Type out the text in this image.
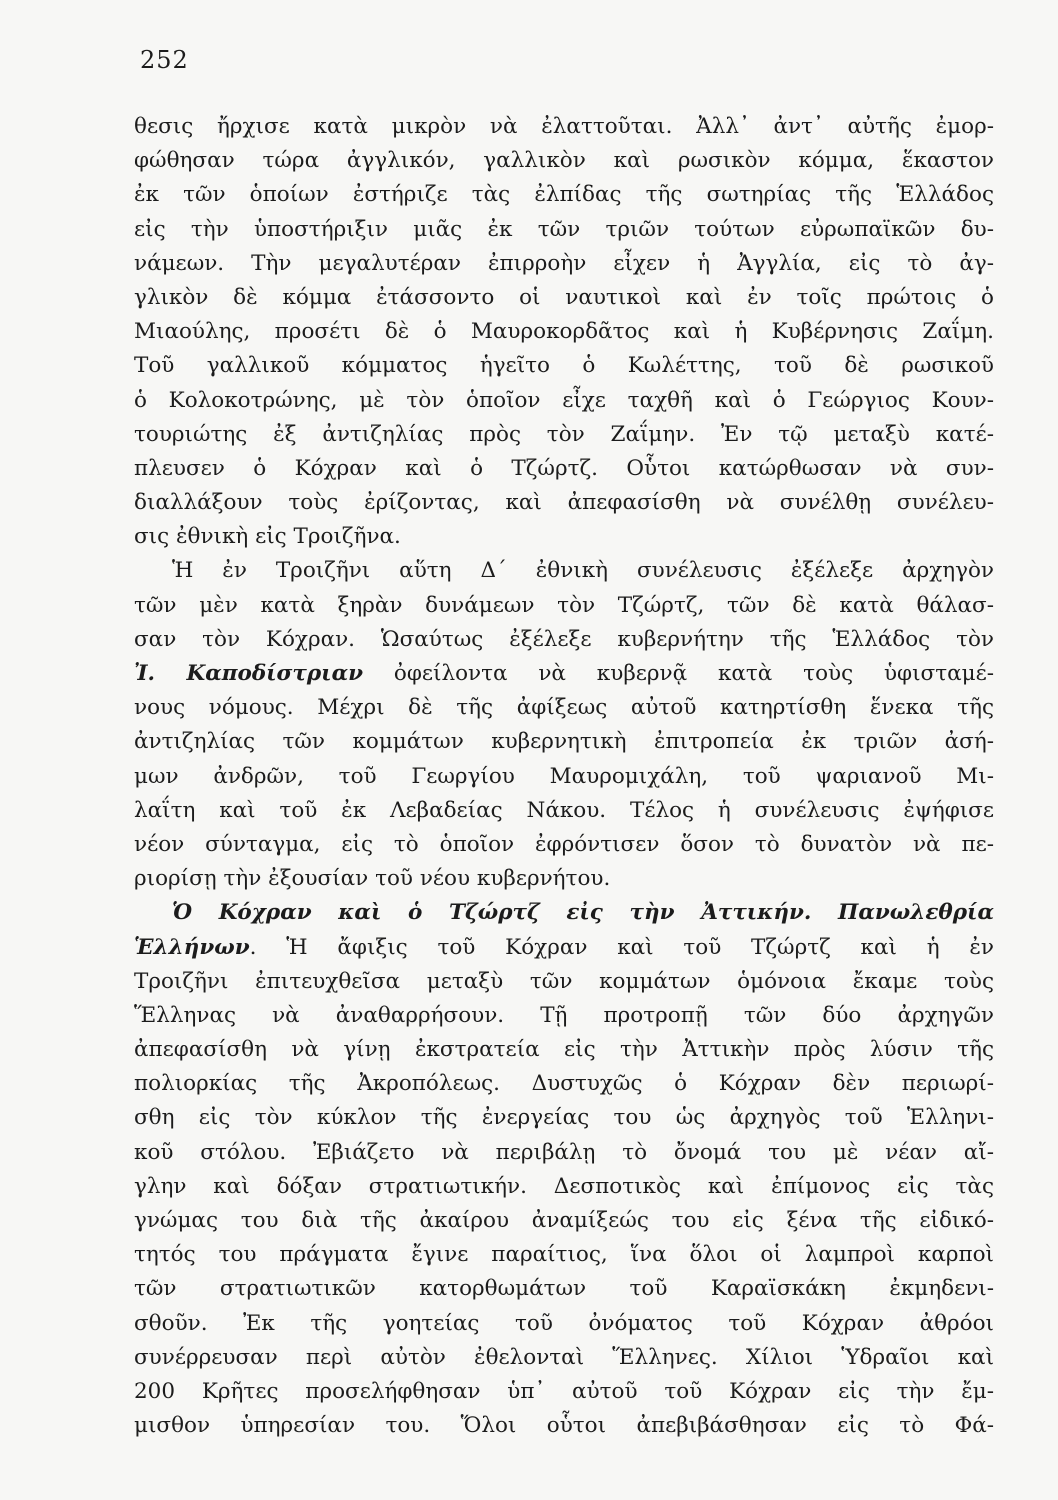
252
θεσις ἤρχισε κατὰ μικρὸν νὰ ἐλαττοῦται. Ἀλλ᾽ ἀντ᾽ αὐτῆς ἐμορ-
φώθησαν τώρα ἀγγλικόν, γαλλικὸν καὶ ρωσικὸν κόμμα, ἕκαστον
ἐκ τῶν ὁποίων ἐστήριζε τὰς ἐλπίδας τῆς σωτηρίας τῆς Ἑλλάδος
εἰς τὴν ὑποστήριξιν μιᾶς ἐκ τῶν τριῶν τούτων εὐρωπαϊκῶν δυ-
νάμεων. Τὴν μεγαλυτέραν ἐπιρροὴν εἶχεν ἡ Ἀγγλία, εἰς τὸ ἀγ-
γλικὸν δὲ κόμμα ἐτάσσοντο οἱ ναυτικοὶ καὶ ἐν τοῖς πρώτοις ὁ
Μιαούλης, προσέτι δὲ ὁ Μαυροκορδᾶτος καὶ ἡ Κυβέρνησις Ζαΐμη.
Τοῦ γαλλικοῦ κόμματος ἡγεῖτο ὁ Κωλέττης, τοῦ δὲ ρωσικοῦ
ὁ Κολοκοτρώνης, μὲ τὸν ὁποῖον εἶχε ταχθῆ καὶ ὁ Γεώργιος Κουν-
τουριώτης ἐξ ἀντιζηλίας πρὸς τὸν Ζαΐμην. Ἐν τῷ μεταξὺ κατέ-
πλευσεν ὁ Κόχραν καὶ ὁ Τζώρτζ. Οὗτοι κατώρθωσαν νὰ συν-
διαλλάξουν τοὺς ἐρίζοντας, καὶ ἀπεφασίσθη νὰ συνέλθῃ συνέλευ-
σις ἐθνικὴ εἰς Τροιζῆνα.
Ἡ ἐν Τροιζῆνι αὕτη Δ΄ ἐθνικὴ συνέλευσις ἐξέλεξε ἀρχηγὸν
τῶν μὲν κατὰ ξηρὰν δυνάμεων τὸν Τζώρτζ, τῶν δὲ κατὰ θάλασ-
σαν τὸν Κόχραν. Ὡσαύτως ἐξέλεξε κυβερνήτην τῆς Ἑλλάδος τὸν
Ἰ. Καποδίστριαν ὀφείλοντα νὰ κυβερνᾷ κατὰ τοὺς ὑφισταμέ-
νους νόμους. Μέχρι δὲ τῆς ἀφίξεως αὐτοῦ κατηρτίσθη ἕνεκα τῆς
ἀντιζηλίας τῶν κομμάτων κυβερνητικὴ ἐπιτροπεία ἐκ τριῶν ἀσή-
μων ἀνδρῶν, τοῦ Γεωργίου Μαυρομιχάλη, τοῦ ψαριανοῦ Μι-
λαΐτη καὶ τοῦ ἐκ Λεβαδείας Νάκου. Τέλος ἡ συνέλευσις ἐψήφισε
νέον σύνταγμα, εἰς τὸ ὁποῖον ἐφρόντισεν ὅσον τὸ δυνατὸν νὰ πε-
ριορίσῃ τὴν ἐξουσίαν τοῦ νέου κυβερνήτου.
Ὁ Κόχραν καὶ ὁ Τζώρτζ εἰς τὴν Ἀττικήν. Πανωλεθρία
Ἑλλήνων. Ἡ ἄφιξις τοῦ Κόχραν καὶ τοῦ Τζώρτζ καὶ ἡ ἐν
Τροιζῆνι ἐπιτευχθεῖσα μεταξὺ τῶν κομμάτων ὁμόνοια ἔκαμε τοὺς
Ἕλληνας νὰ ἀναθαρρήσουν. Τῇ προτροπῇ τῶν δύο ἀρχηγῶν
ἀπεφασίσθη νὰ γίνῃ ἐκστρατεία εἰς τὴν Ἀττικὴν πρὸς λύσιν τῆς
πολιορκίας τῆς Ἀκροπόλεως. Δυστυχῶς ὁ Κόχραν δὲν περιωρί-
σθη εἰς τὸν κύκλον τῆς ἐνεργείας του ὡς ἀρχηγὸς τοῦ Ἑλληνι-
κοῦ στόλου. Ἐβιάζετο νὰ περιβάλῃ τὸ ὄνομά του μὲ νέαν αἴ-
γλην καὶ δόξαν στρατιωτικήν. Δεσποτικὸς καὶ ἐπίμονος εἰς τὰς
γνώμας του διὰ τῆς ἀκαίρου ἀναμίξεώς του εἰς ξένα τῆς εἰδικό-
τητός του πράγματα ἔγινε παραίτιος, ἵνα ὅλοι οἱ λαμπροὶ καρποὶ
τῶν στρατιωτικῶν κατορθωμάτων τοῦ Καραϊσκάκη ἐκμηδενι-
σθοῦν. Ἐκ τῆς γοητείας τοῦ ὀνόματος τοῦ Κόχραν ἀθρόοι
συνέρρευσαν περὶ αὐτὸν ἐθελονταὶ Ἕλληνες. Χίλιοι Ὑδραῖοι καὶ
200 Κρῆτες προσελήφθησαν ὑπ᾽ αὐτοῦ τοῦ Κόχραν εἰς τὴν ἔμ-
μισθον ὑπηρεσίαν του. Ὅλοι οὗτοι ἀπεβιβάσθησαν εἰς τὸ Φά-
